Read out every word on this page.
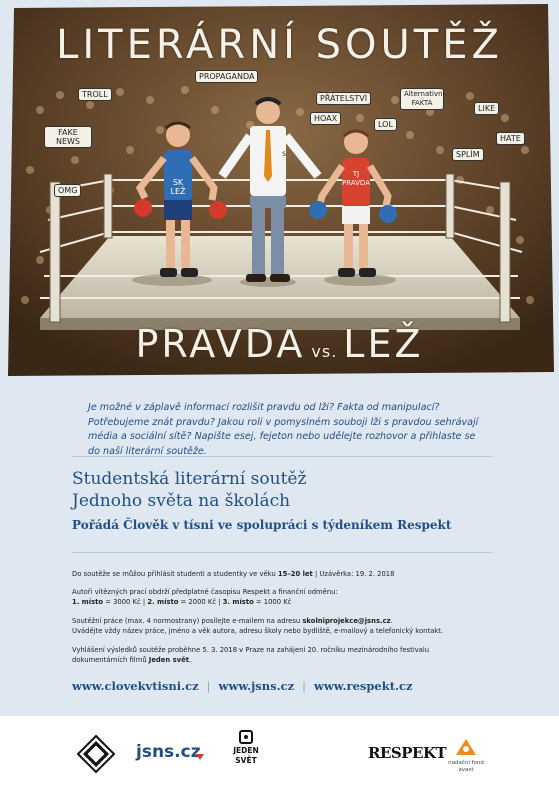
LITERÁRNÍ SOUTĚŽ
PRAVDA vs. LEŽ
TROLL
PROPAGANDA
PŘÁTELSTVÍ	Alternativní FAKTA
FAKE NEWS
HOAX
LOL
HATE
SPLÍM
OMG
LIKE
SK LEŽ
TJ PRAVDA
S
Je možné v záplavě informací rozlišit pravdu od lži? Fakta od manipulací? Potřebujeme znát pravdu? Jakou roli v pomyslném souboji lži s pravdou sehrávají média a sociální sítě? Napište esej, fejeton nebo udělejte rozhovor a přihlaste se do naší literární soutěže.
Studentská literární soutěž
Jednoho světa na školách
Pořádá Člověk v tísni ve spolupráci s týdeníkem Respekt
Do soutěže se můžou přihlásit studenti a studentky ve věku 15–20 let | Uzávěrka: 19. 2. 2018
Autoři vítězných prací obdrží předplatné časopisu Respekt a finanční odměnu:
1. místo = 3000 Kč | 2. místo = 2000 Kč | 3. místo = 1000 Kč
Soutěžní práce (max. 4 normostrany) posílejte e-mailem na adresu skolniprojekce@jsns.cz.
Uvádějte vždy název práce, jméno a věk autora, adresu školy nebo bydliště, e-mailový a telefonický kontakt.
Vyhlášení výsledků soutěže proběhne 5. 3. 2018 v Praze na zahájení 20. ročníku mezinárodního festivalu dokumentárních filmů Jeden svět.
www.clovekvtisni.cz | www.jsns.cz | www.respekt.cz
jsns.cz	JEDEN
SVĚT	RESPEKT
nadační fond avast
